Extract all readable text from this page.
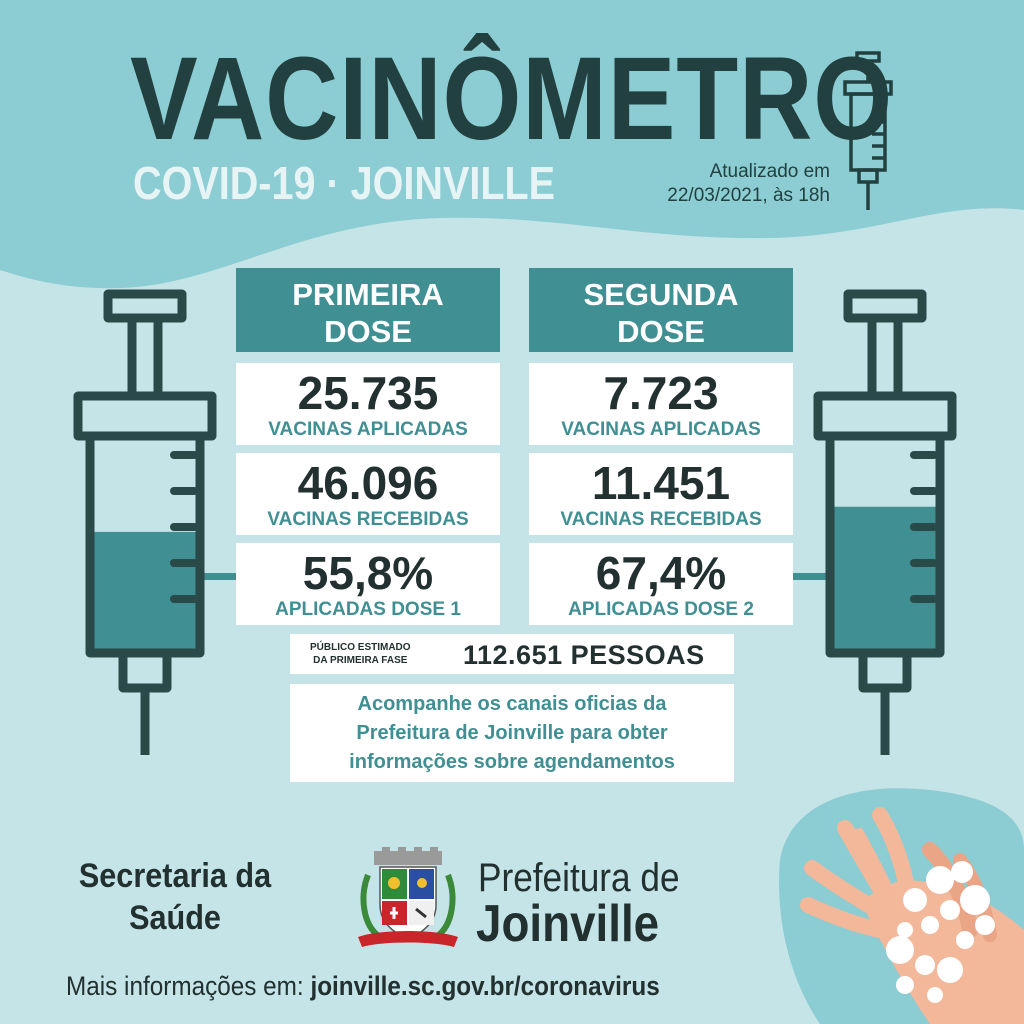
VACINÔMETRO
COVID-19 · JOINVILLE	Atualizado em
22/03/2021, às 18h
PRIMEIRA
DOSE
25.735
VACINAS APLICADAS
46.096
VACINAS RECEBIDAS
55,8%
APLICADAS DOSE 1
SEGUNDA
DOSE
7.723
VACINAS APLICADAS
11.451
VACINAS RECEBIDAS
67,4%
APLICADAS DOSE 2
PÚBLICO ESTIMADO
DA PRIMEIRA FASE 112.651 PESSOAS
Acompanhe os canais oficias da
Prefeitura de Joinville para obter
informações sobre agendamentos
Secretaria da
Saúde
Prefeitura de
Joinville
Mais informações em: joinville.sc.gov.br/coronavirus
